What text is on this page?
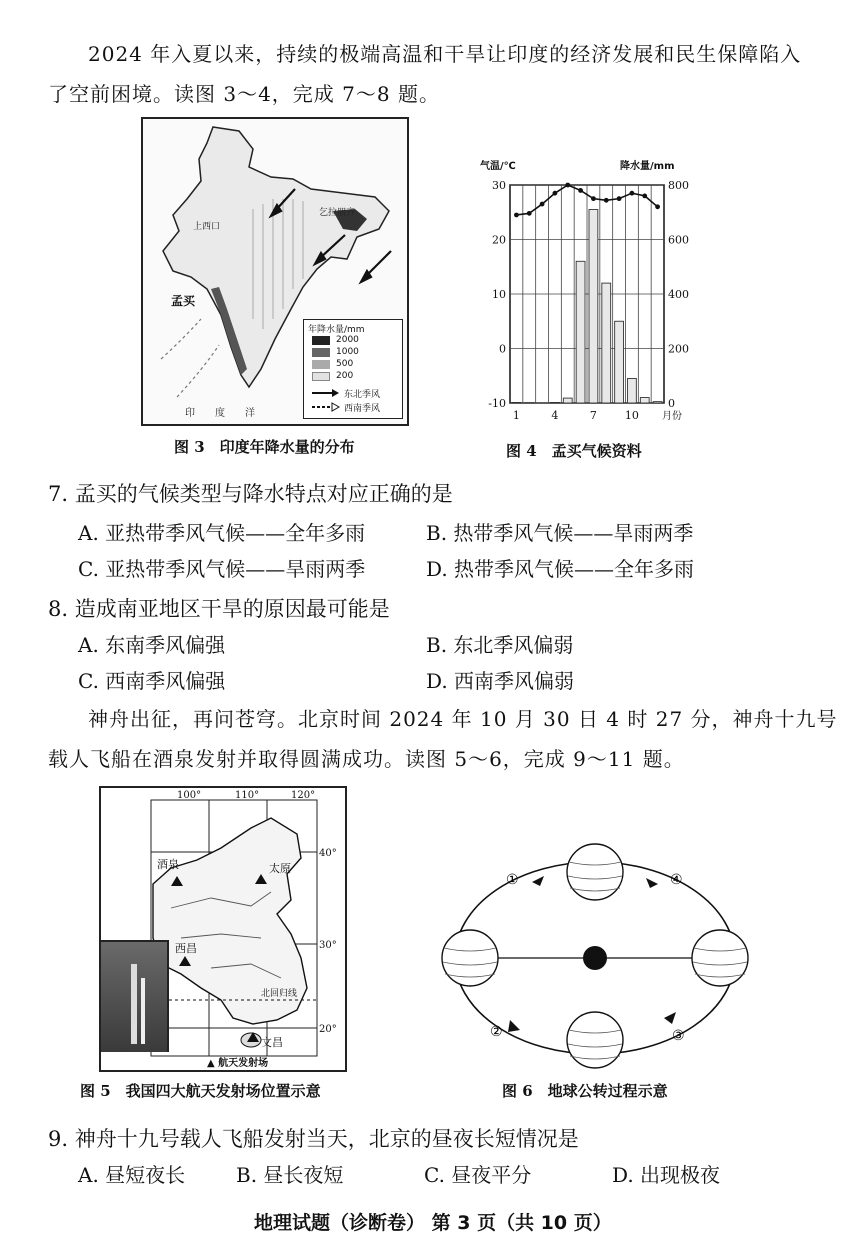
2024 年入夏以来，持续的极端高温和干旱让印度的经济发展和民生保障陷入
了空前困境。读图 3～4，完成 7～8 题。
上西口
乞拉朋齐
孟买
印　　度　　洋
年降水量/mm
2000
1000
500
200
东北季风
西南季风
图 3　印度年降水量的分布
气温/℃	降水量/mm
30
20
10
0
-10
800
600
400
200
0
1	4	7	10 月份
图 4　孟买气候资料
7. 孟买的气候类型与降水特点对应正确的是
A. 亚热带季风气候——全年多雨	B. 热带季风气候——旱雨两季
C. 亚热带季风气候——旱雨两季	D. 热带季风气候——全年多雨
8. 造成南亚地区干旱的原因最可能是
A. 东南季风偏强	B. 东北季风偏弱
C. 西南季风偏强	D. 西南季风偏弱
神舟出征，再问苍穹。北京时间 2024 年 10 月 30 日 4 时 27 分，神舟十九号
载人飞船在酒泉发射并取得圆满成功。读图 5～6，完成 9～11 题。
酒泉	太原
西昌
文昌
北回归线
100°	110°	120°
40°
30°
20°
▲ 航天发射场
图 5　我国四大航天发射场位置示意
①
②	③
④
图 6　地球公转过程示意
9. 神舟十九号载人飞船发射当天，北京的昼夜长短情况是
A. 昼短夜长	B. 昼长夜短	C. 昼夜平分	D. 出现极夜
地理试题（诊断卷） 第 3 页（共 10 页）
